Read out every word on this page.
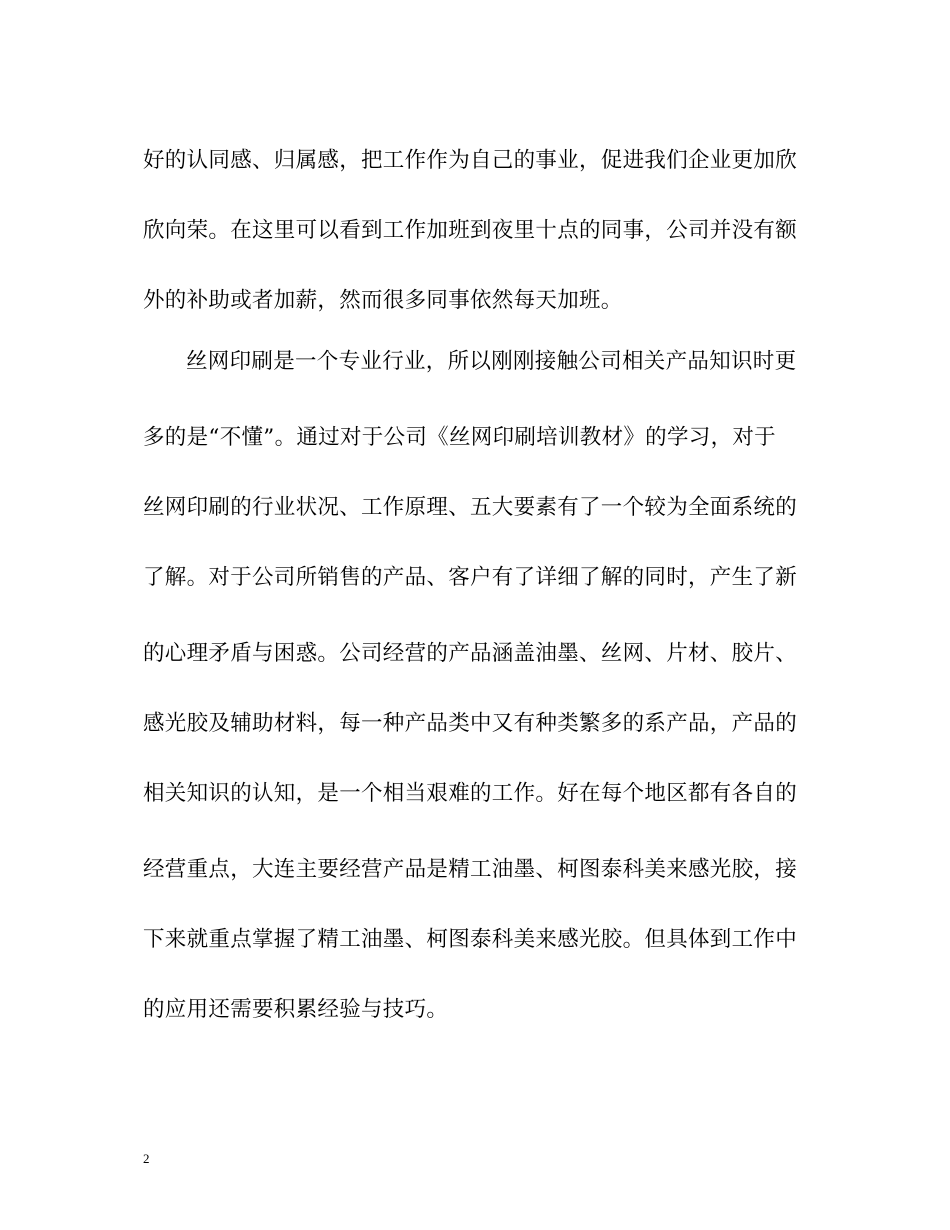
好的认同感、归属感，把工作作为自己的事业，促进我们企业更加欣
欣向荣。在这里可以看到工作加班到夜里十点的同事，公司并没有额
外的补助或者加薪，然而很多同事依然每天加班。
丝网印刷是一个专业行业，所以刚刚接触公司相关产品知识时更
多的是“不懂”。通过对于公司《丝网印刷培训教材》的学习，对于
丝网印刷的行业状况、工作原理、五大要素有了一个较为全面系统的
了解。对于公司所销售的产品、客户有了详细了解的同时，产生了新
的心理矛盾与困惑。公司经营的产品涵盖油墨、丝网、片材、胶片、
感光胶及辅助材料，每一种产品类中又有种类繁多的系产品，产品的
相关知识的认知，是一个相当艰难的工作。好在每个地区都有各自的
经营重点，大连主要经营产品是精工油墨、柯图泰科美来感光胶，接
下来就重点掌握了精工油墨、柯图泰科美来感光胶。但具体到工作中
的应用还需要积累经验与技巧。
2
